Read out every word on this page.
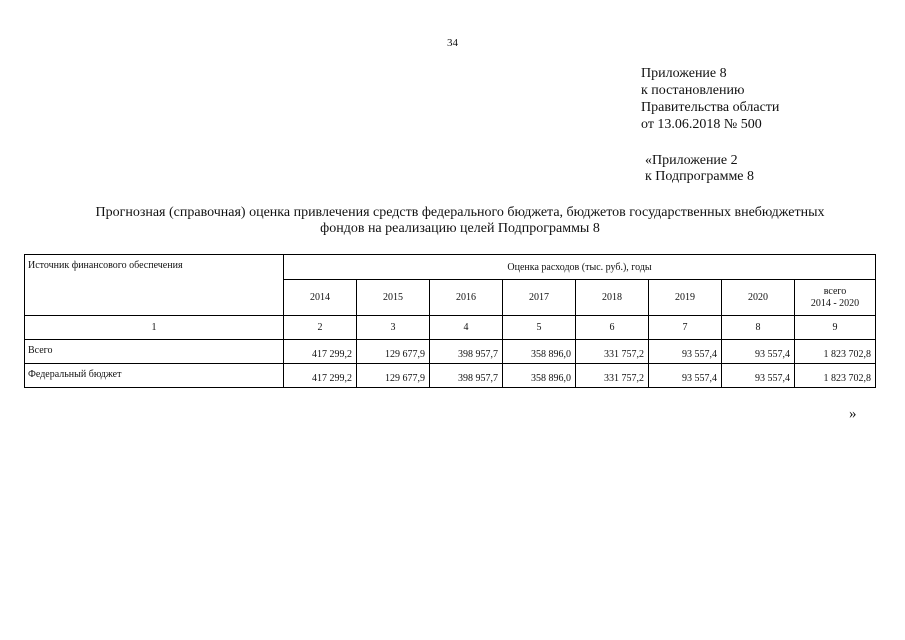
34
Приложение 8
к постановлению
Правительства области
от 13.06.2018 № 500
«Приложение 2
к Подпрограмме 8
Прогнозная (справочная) оценка привлечения средств федерального бюджета, бюджетов государственных внебюджетных
фондов на реализацию целей Подпрограммы 8
Источник финансового обеспечения	Оценка расходов (тыс. руб.), годы							
	2014	2015	2016	2017	2018	2019	2020	всего
2014 - 2020
1	2	3	4	5	6	7	8	9
Всего	417 299,2	129 677,9	398 957,7	358 896,0	331 757,2	93 557,4	93 557,4	1 823 702,8
Федеральный бюджет	417 299,2	129 677,9	398 957,7	358 896,0	331 757,2	93 557,4	93 557,4	1 823 702,8
»
